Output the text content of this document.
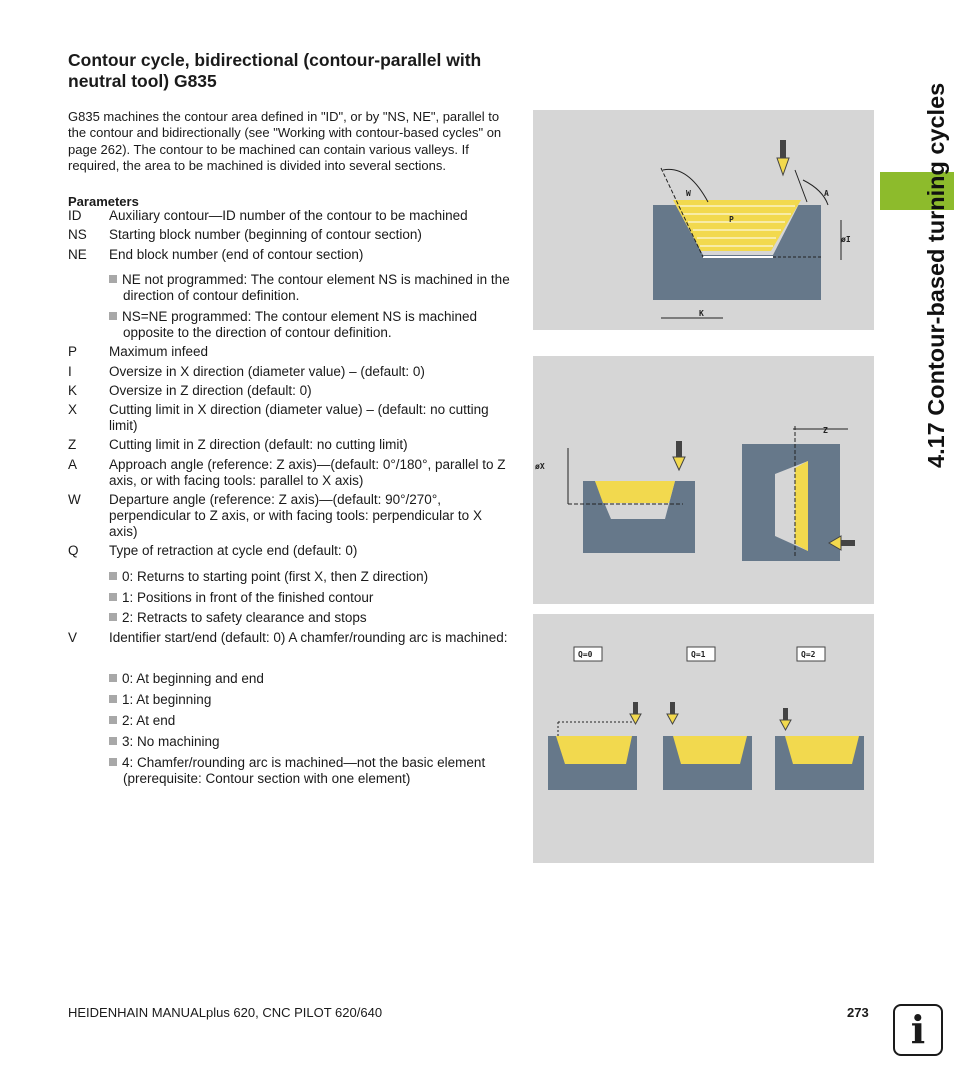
Contour cycle, bidirectional (contour-parallel with neutral tool) G835
G835 machines the contour area defined in "ID", or by "NS, NE", parallel to the contour and bidirectionally (see "Working with contour-based cycles" on page 262). The contour to be machined can contain various valleys. If required, the area to be machined is divided into several sections.
Parameters
ID	Auxiliary contour—ID number of the contour to be machined
NS	Starting block number (beginning of contour section)
NE	End block number (end of contour section)
NE not programmed: The contour element NS is machined in the direction of contour definition.
NS=NE programmed: The contour element NS is machined opposite to the direction of contour definition.
P	Maximum infeed
I	Oversize in X direction (diameter value) – (default: 0)
K	Oversize in Z direction (default: 0)
X	Cutting limit in X direction (diameter value) – (default: no cutting limit)
Z	Cutting limit in Z direction (default: no cutting limit)
A	Approach angle (reference: Z axis)—(default: 0°/180°, parallel to Z axis, or with facing tools: parallel to X axis)
W	Departure angle (reference: Z axis)—(default: 90°/270°, perpendicular to Z axis, or with facing tools: perpendicular to X axis)
Q	Type of retraction at cycle end (default: 0)
0: Returns to starting point (first X, then Z direction)
1: Positions in front of the finished contour
2: Retracts to safety clearance and stops
V	Identifier start/end (default: 0) A chamfer/rounding arc is machined:
0: At beginning and end
1: At beginning
2: At end
3: No machining
4: Chamfer/rounding arc is machined—not the basic element (prerequisite: Contour section with one element)
W	A
P
øI
K
øX
Z
Q=0	Q=1	Q=2
4.17 Contour-based turning cycles
HEIDENHAIN MANUALplus 620, CNC PILOT 620/640	273	i
